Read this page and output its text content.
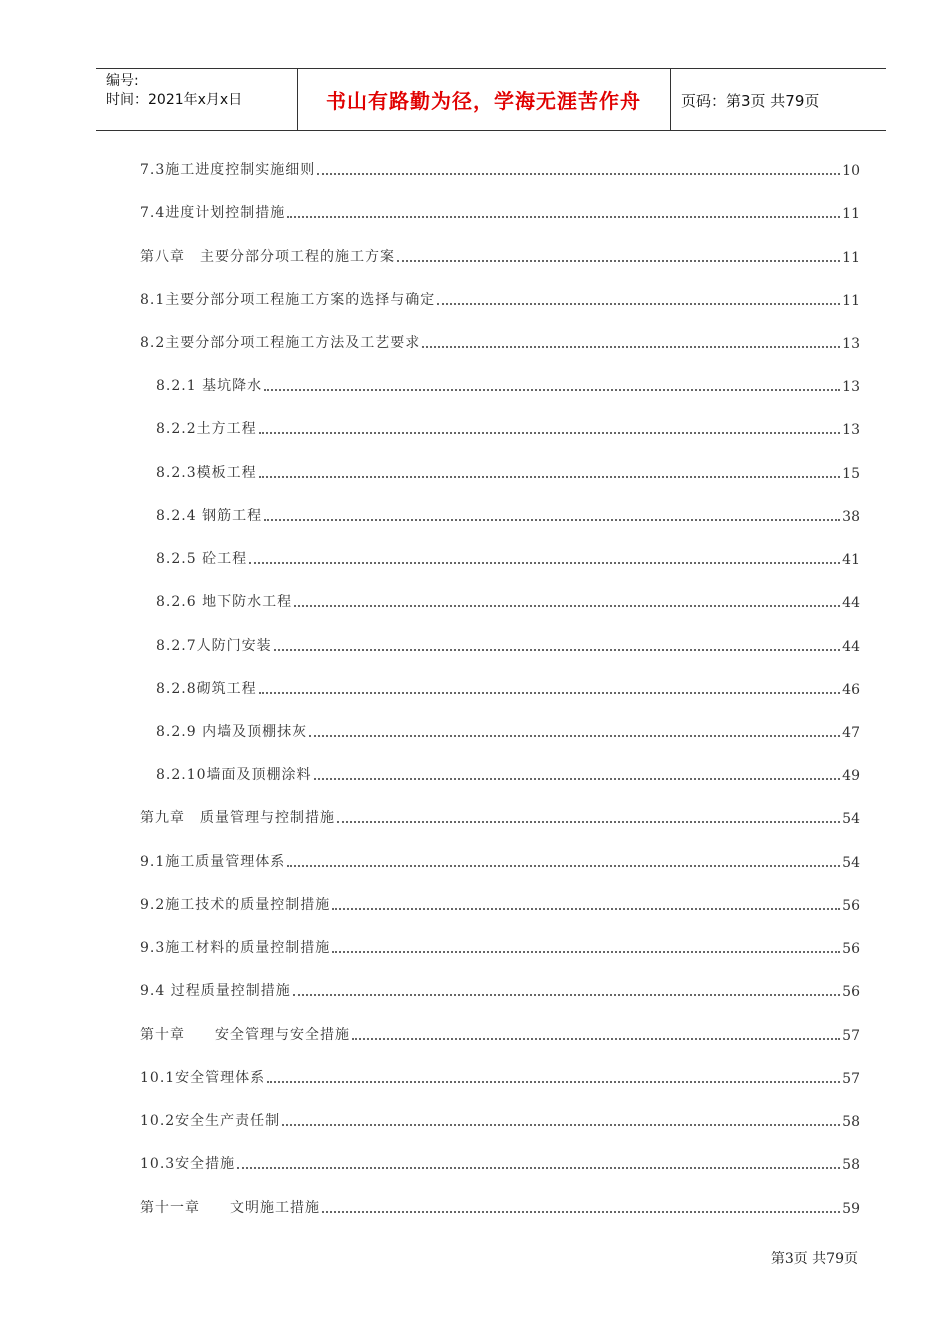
编号:
时间：2021年x月x日	书山有路勤为径，学海无涯苦作舟	页码：第3页 共79页
7.3施工进度控制实施细则	10
7.4进度计划控制措施	11
第八章　主要分部分项工程的施工方案	11
8.1主要分部分项工程施工方案的选择与确定	11
8.2主要分部分项工程施工方法及工艺要求	13
8.2.1 基坑降水	13
8.2.2土方工程	13
8.2.3模板工程	15
8.2.4 钢筋工程	38
8.2.5 砼工程	41
8.2.6 地下防水工程	44
8.2.7人防门安装	44
8.2.8砌筑工程	46
8.2.9 内墙及顶棚抹灰	47
8.2.10墙面及顶棚涂料	49
第九章　质量管理与控制措施	54
9.1施工质量管理体系	54
9.2施工技术的质量控制措施	56
9.3施工材料的质量控制措施	56
9.4 过程质量控制措施	56
第十章　　安全管理与安全措施	57
10.1安全管理体系	57
10.2安全生产责任制	58
10.3安全措施	58
第十一章　　文明施工措施	59
第3页 共79页
